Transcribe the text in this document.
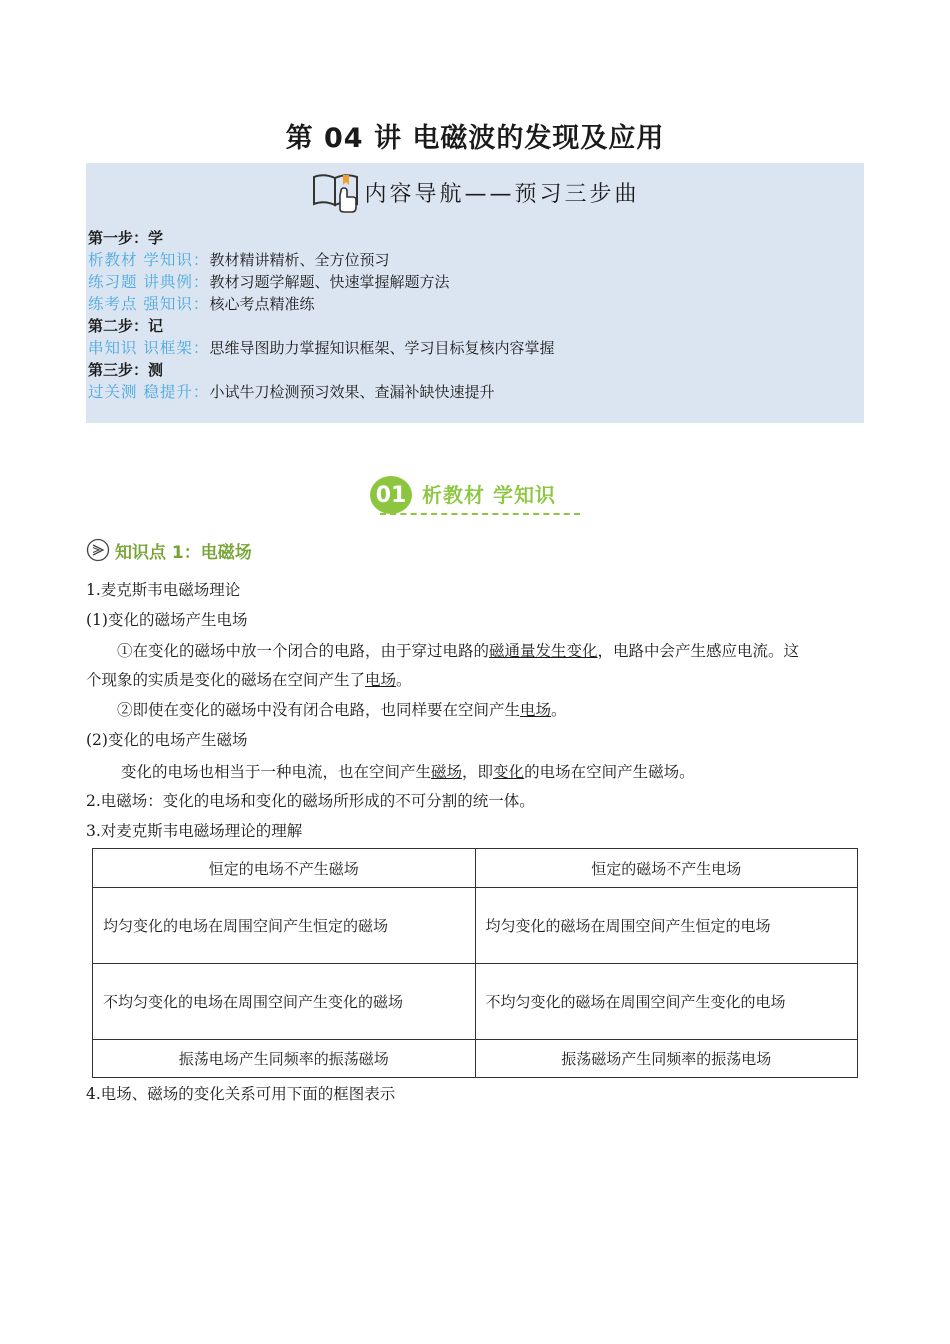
第 04 讲 电磁波的发现及应用
内容导航——预习三步曲
第一步：学
析教材 学知识：教材精讲精析、全方位预习
练习题 讲典例：教材习题学解题、快速掌握解题方法
练考点 强知识：核心考点精准练
第二步：记
串知识 识框架：思维导图助力掌握知识框架、学习目标复核内容掌握
第三步：测
过关测 稳提升：小试牛刀检测预习效果、查漏补缺快速提升
01 析教材 学知识
知识点 1：电磁场
1.麦克斯韦电磁场理论
(1)变化的磁场产生电场
①在变化的磁场中放一个闭合的电路，由于穿过电路的磁通量发生变化，电路中会产生感应电流。这
个现象的实质是变化的磁场在空间产生了电场。
②即使在变化的磁场中没有闭合电路，也同样要在空间产生电场。
(2)变化的电场产生磁场
变化的电场也相当于一种电流，也在空间产生磁场，即变化的电场在空间产生磁场。
2.电磁场：变化的电场和变化的磁场所形成的不可分割的统一体。
3.对麦克斯韦电磁场理论的理解
恒定的电场不产生磁场	恒定的磁场不产生电场
均匀变化的电场在周围空间产生恒定的磁场	均匀变化的磁场在周围空间产生恒定的电场
不均匀变化的电场在周围空间产生变化的磁场	不均匀变化的磁场在周围空间产生变化的电场
振荡电场产生同频率的振荡磁场	振荡磁场产生同频率的振荡电场
4.电场、磁场的变化关系可用下面的框图表示
